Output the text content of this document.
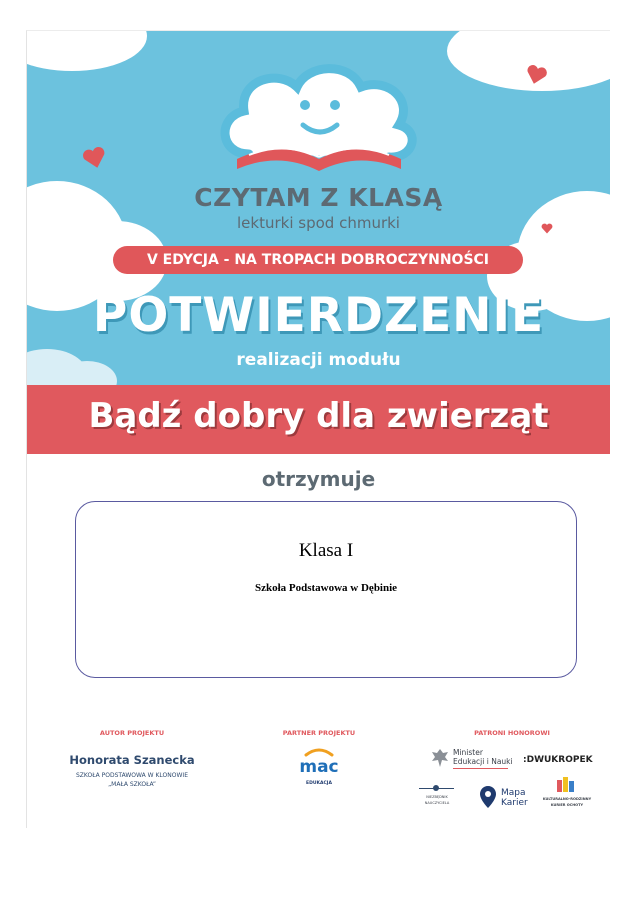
CZYTAM Z KLASĄ
lekturki spod chmurki
V EDYCJA - NA TROPACH DOBROCZYNNOŚCI
POTWIERDZENIE
realizacji modułu
Bądź dobry dla zwierząt
otrzymuje
Klasa I
Szkoła Podstawowa w Dębinie
AUTOR PROJEKTU
Honorata Szanecka
SZKOŁA PODSTAWOWA W KLONOWIE
„MAŁA SZKOŁA”
PARTNER PROJEKTU
mac
EDUKACJA
PATRONI HONOROWI
Minister
Edukacji i Nauki :DWUKROPEK
NIEZBĘDNIK
NAUCZYCIELA
Mapa
Karier	KULTURALNO-RODZINNY
KURIER OCHOTY
